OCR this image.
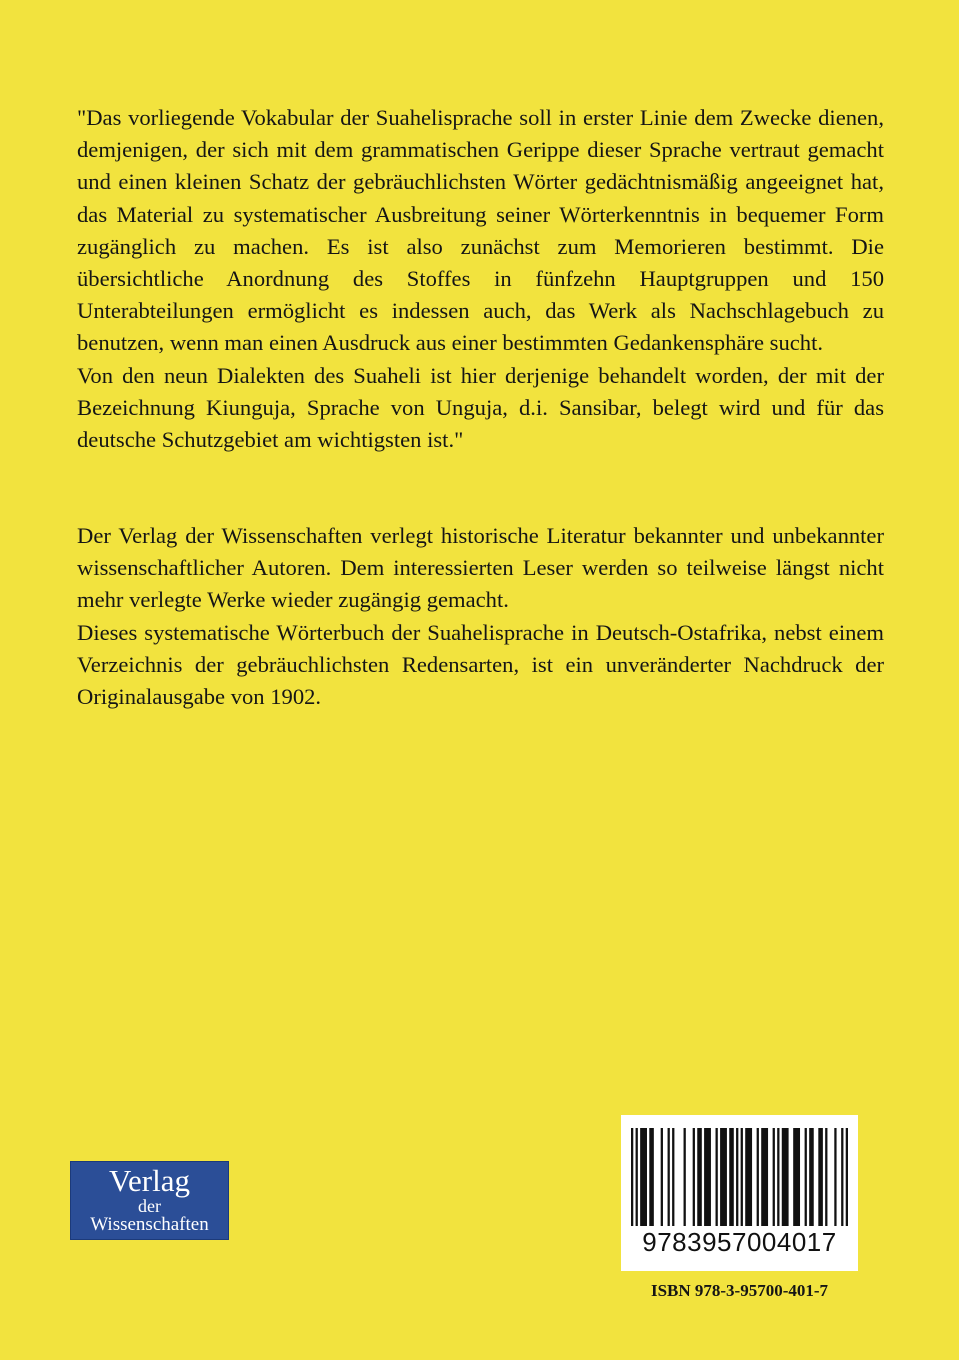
"Das vorliegende Vokabular der Suahelisprache soll in erster Linie dem Zwecke dienen, demjenigen, der sich mit dem grammatischen Gerippe dieser Sprache vertraut gemacht und einen kleinen Schatz der gebräuchlichsten Wörter gedächtnismäßig angeeignet hat, das Material zu systematischer Ausbreitung seiner Wörterkenntnis in bequemer Form zugänglich zu machen. Es ist also zunächst zum Memorieren bestimmt. Die übersichtliche Anordnung des Stoffes in fünfzehn Hauptgruppen und 150 Unterabteilungen ermöglicht es indessen auch, das Werk als Nachschlagebuch zu benutzen, wenn man einen Ausdruck aus einer bestimmten Gedankensphäre sucht.

Von den neun Dialekten des Suaheli ist hier derjenige behandelt worden, der mit der Bezeichnung Kiunguja, Sprache von Unguja, d.i. Sansibar, belegt wird und für das deutsche Schutzgebiet am wichtigsten ist."

Der Verlag der Wissenschaften verlegt historische Literatur bekannter und unbekannter wissenschaftlicher Autoren. Dem interessierten Leser werden so teilweise längst nicht mehr verlegte Werke wieder zugängig gemacht.

Dieses systematische Wörterbuch der Suahelisprache in Deutsch-Ostafrika, nebst einem Verzeichnis der gebräuchlichsten Redensarten, ist ein unveränderter Nachdruck der Originalausgabe von 1902.

Verlag
der
Wissenschaften
9783957004017
ISBN 978-3-95700-401-7
